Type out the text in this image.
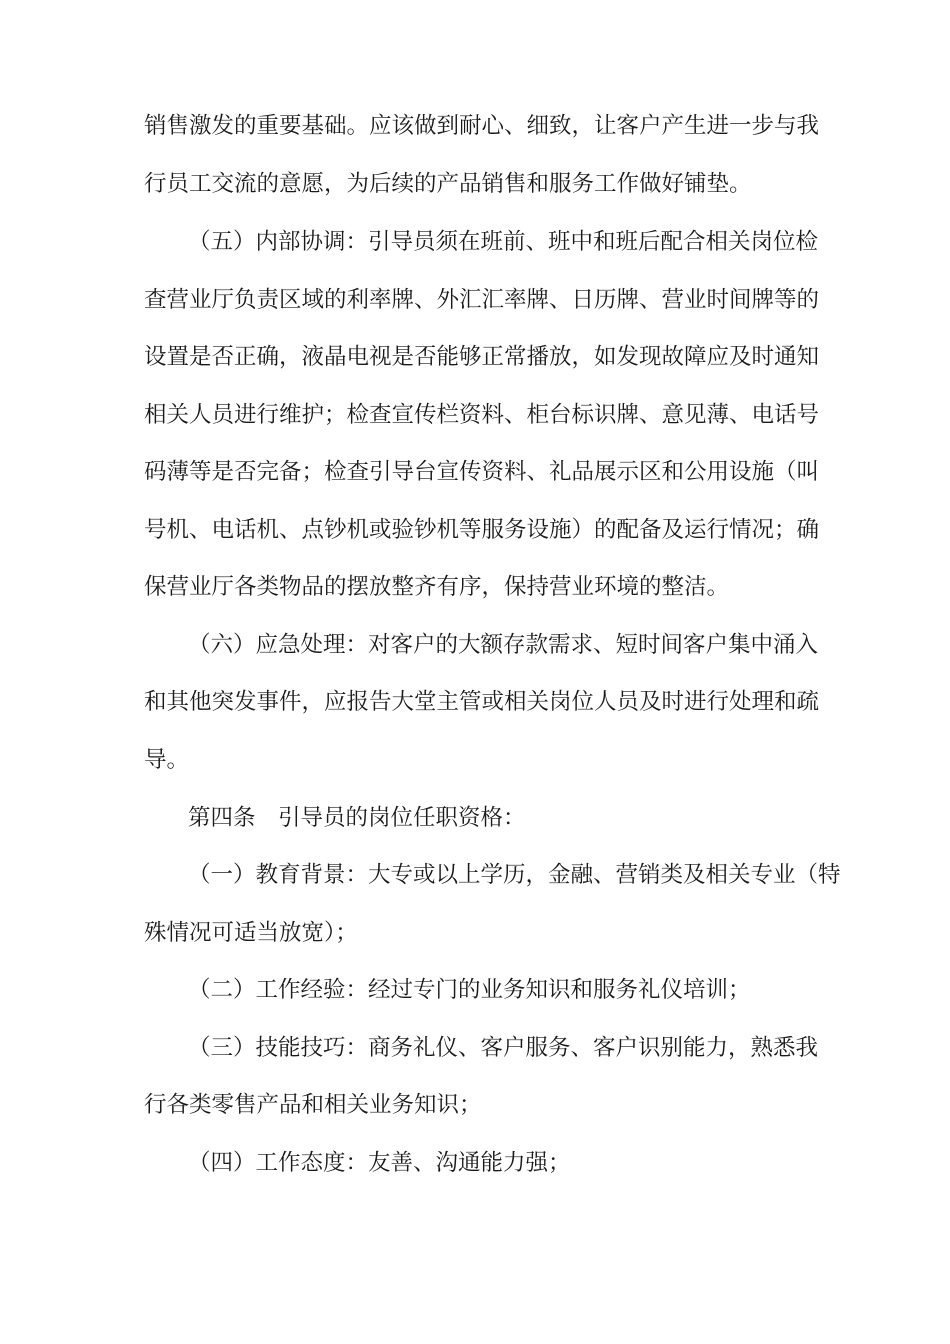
销售激发的重要基础。应该做到耐心、细致，让客户产生进一步与我
行员工交流的意愿，为后续的产品销售和服务工作做好铺垫。
（五）内部协调：引导员须在班前、班中和班后配合相关岗位检
查营业厅负责区域的利率牌、外汇汇率牌、日历牌、营业时间牌等的
设置是否正确，液晶电视是否能够正常播放，如发现故障应及时通知
相关人员进行维护；检查宣传栏资料、柜台标识牌、意见薄、电话号
码薄等是否完备；检查引导台宣传资料、礼品展示区和公用设施（叫
号机、电话机、点钞机或验钞机等服务设施）的配备及运行情况；确
保营业厅各类物品的摆放整齐有序，保持营业环境的整洁。
（六）应急处理：对客户的大额存款需求、短时间客户集中涌入
和其他突发事件，应报告大堂主管或相关岗位人员及时进行处理和疏
导。
第四条　引导员的岗位任职资格：
（一）教育背景：大专或以上学历，金融、营销类及相关专业（特
殊情况可适当放宽）；
（二）工作经验：经过专门的业务知识和服务礼仪培训；
（三）技能技巧：商务礼仪、客户服务、客户识别能力，熟悉我
行各类零售产品和相关业务知识；
（四）工作态度：友善、沟通能力强；
